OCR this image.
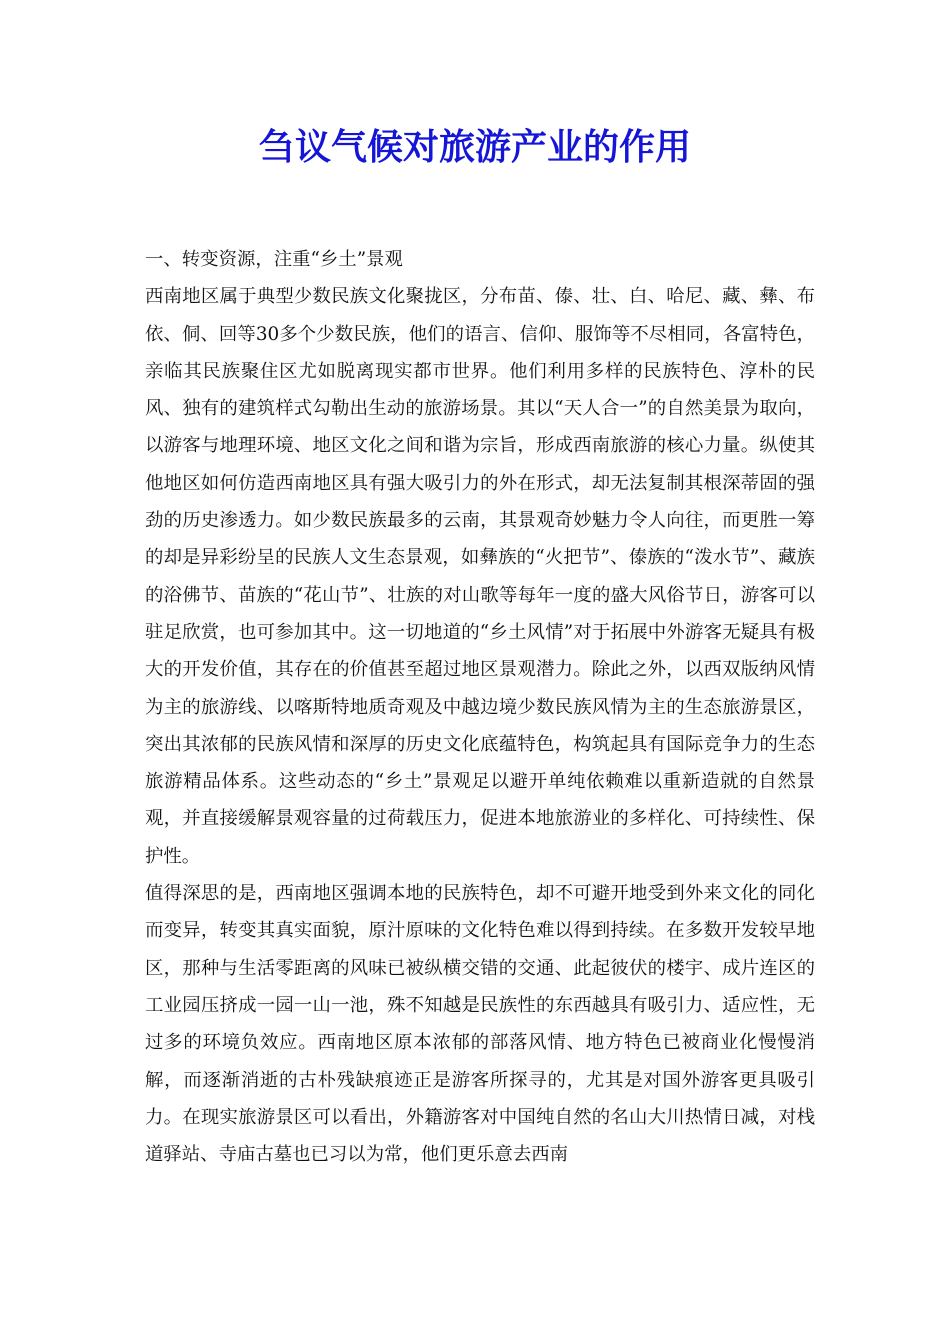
刍议气候对旅游产业的作用

一、转变资源，注重“乡土”景观

西南地区属于典型少数民族文化聚拢区，分布苗、傣、壮、白、哈尼、藏、彝、布依、侗、回等30多个少数民族，他们的语言、信仰、服饰等不尽相同，各富特色，亲临其民族聚住区尤如脱离现实都市世界。他们利用多样的民族特色、淳朴的民风、独有的建筑样式勾勒出生动的旅游场景。其以“天人合一”的自然美景为取向，以游客与地理环境、地区文化之间和谐为宗旨，形成西南旅游的核心力量。纵使其他地区如何仿造西南地区具有强大吸引力的外在形式，却无法复制其根深蒂固的强劲的历史渗透力。如少数民族最多的云南，其景观奇妙魅力令人向往，而更胜一筹的却是异彩纷呈的民族人文生态景观，如彝族的“火把节”、傣族的“泼水节”、藏族的浴佛节、苗族的“花山节”、壮族的对山歌等每年一度的盛大风俗节日，游客可以驻足欣赏，也可参加其中。这一切地道的“乡土风情”对于拓展中外游客无疑具有极大的开发价值，其存在的价值甚至超过地区景观潜力。除此之外，以西双版纳风情为主的旅游线、以喀斯特地质奇观及中越边境少数民族风情为主的生态旅游景区，突出其浓郁的民族风情和深厚的历史文化底蕴特色，构筑起具有国际竞争力的生态旅游精品体系。这些动态的“乡土”景观足以避开单纯依赖难以重新造就的自然景观，并直接缓解景观容量的过荷载压力，促进本地旅游业的多样化、可持续性、保护性。

值得深思的是，西南地区强调本地的民族特色，却不可避开地受到外来文化的同化而变异，转变其真实面貌，原汁原味的文化特色难以得到持续。在多数开发较早地区，那种与生活零距离的风味已被纵横交错的交通、此起彼伏的楼宇、成片连区的工业园压挤成一园一山一池，殊不知越是民族性的东西越具有吸引力、适应性，无过多的环境负效应。西南地区原本浓郁的部落风情、地方特色已被商业化慢慢消解，而逐渐消逝的古朴残缺痕迹正是游客所探寻的，尤其是对国外游客更具吸引力。在现实旅游景区可以看出，外籍游客对中国纯自然的名山大川热情日减，对栈道驿站、寺庙古墓也已习以为常，他们更乐意去西南
